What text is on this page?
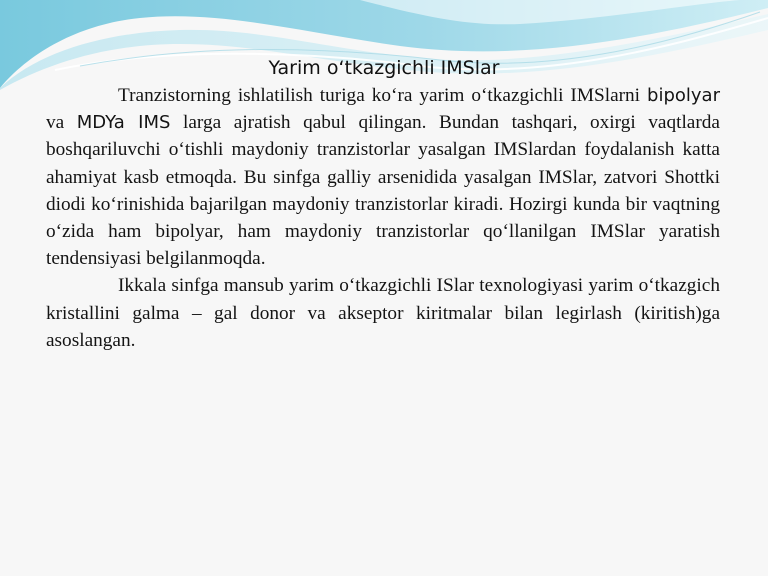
Yarim o‘tkazgichli IMSlar

Tranzistorning ishlatilish turiga ko‘ra yarim o‘tkazgichli IMSlarni bipolyar va MDYa IMS larga ajratish qabul qilingan. Bundan tashqari, oxirgi vaqtlarda boshqariluvchi o‘tishli maydoniy tranzistorlar yasalgan IMSlardan foydalanish katta ahamiyat kasb etmoqda. Bu sinfga galliy arsenidida yasalgan IMSlar, zatvori Shottki diodi ko‘rinishida bajarilgan maydoniy tranzistorlar kiradi. Hozirgi kunda bir vaqtning o‘zida ham bipolyar, ham maydoniy tranzistorlar qo‘llanilgan IMSlar yaratish tendensiyasi belgilanmoqda.

Ikkala sinfga mansub yarim o‘tkazgichli ISlar texnologiyasi yarim o‘tkazgich kristallini galma – gal donor va akseptor kiritmalar bilan legirlash (kiritish)ga asoslangan.
